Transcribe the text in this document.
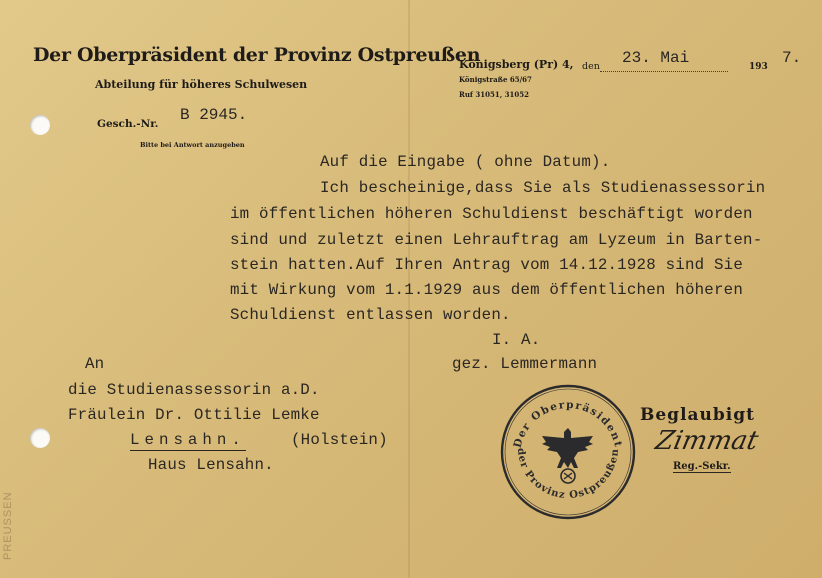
PREUSSEN
Der Oberpräsident der Provinz Ostpreußen
Abteilung für höheres Schulwesen
Gesch.-Nr. B 2945.
Bitte bei Antwort anzugeben
Königsberg (Pr) 4, den 23. Mai	193 7.
Königstraße 65/67
Ruf 31051, 31052
Auf die Eingabe ( ohne Datum).
Ich bescheinige,dass Sie als Studienassessorin
im öffentlichen höheren Schuldienst beschäftigt worden
sind und zuletzt einen Lehrauftrag am Lyzeum in Barten-
stein hatten.Auf Ihren Antrag vom 14.12.1928 sind Sie
mit Wirkung vom 1.1.1929 aus dem öffentlichen höheren
Schuldienst entlassen worden.
I. A.
gez. Lemmermann
An
die Studienassessorin a.D.
Fräulein Dr. Ottilie Lemke
Lensahn.	(Holstein)
Haus Lensahn.
Der Oberpräsident
der Provinz Ostpreußen
Beglaubigt
Zimmat
Reg.-Sekr.
